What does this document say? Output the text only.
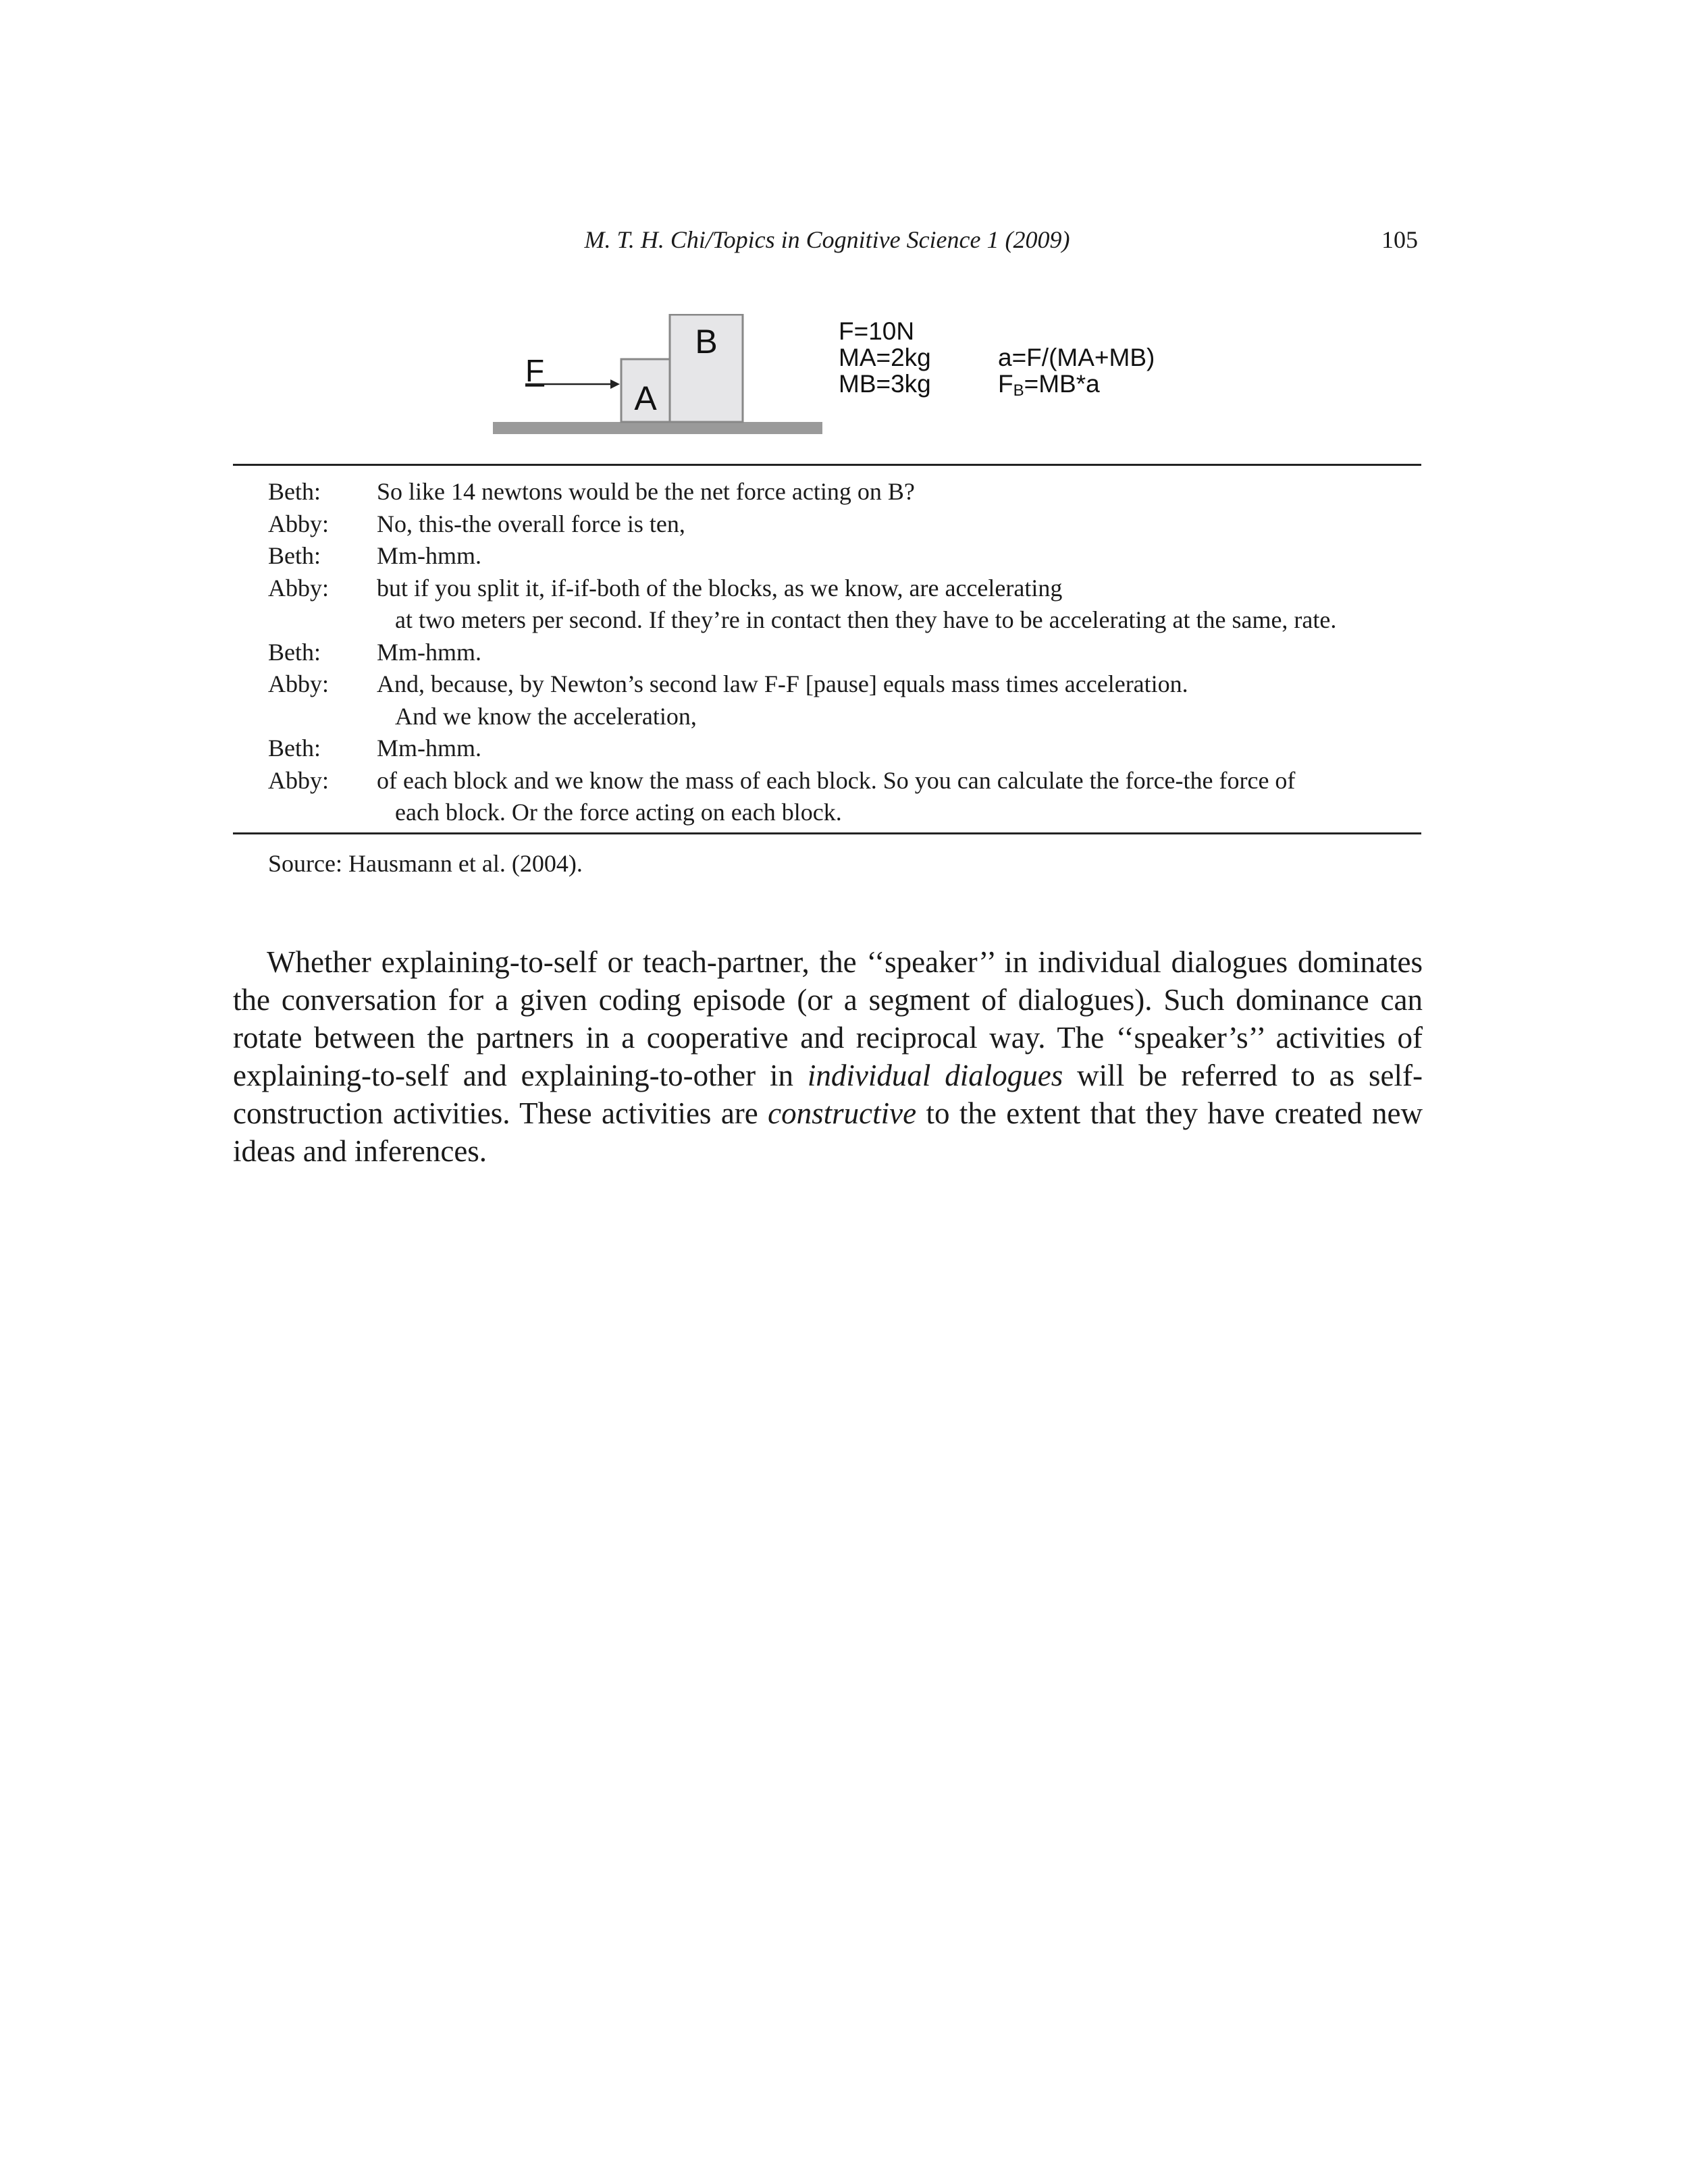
M. T. H. Chi/Topics in Cognitive Science 1 (2009)	105
F
A
B	F=10N
MA=2kg
MB=3kg
a=F/(MA+MB)
FB=MB*a
Beth: So like 14 newtons would be the net force acting on B?
Abby: No, this-the overall force is ten,
Beth: Mm-hmm.
Abby: but if you split it, if-if-both of the blocks, as we know, are accelerating
at two meters per second. If they’re in contact then they have to be accelerating at the same, rate.
Beth: Mm-hmm.
Abby: And, because, by Newton’s second law F-F [pause] equals mass times acceleration.
And we know the acceleration,
Beth: Mm-hmm.
Abby: of each block and we know the mass of each block. So you can calculate the force-the force of
each block. Or the force acting on each block.
Source: Hausmann et al. (2004).

Whether explaining-to-self or teach-partner, the ‘‘speaker’’ in individual dialogues dominates the conversation for a given coding episode (or a segment of dialogues). Such dominance can rotate between the partners in a cooperative and reciprocal way. The ‘‘speaker’s’’ activities of explaining-to-self and explaining-to-other in individual dialogues will be referred to as self-construction activities. These activities are constructive to the extent that they have created new ideas and inferences.
